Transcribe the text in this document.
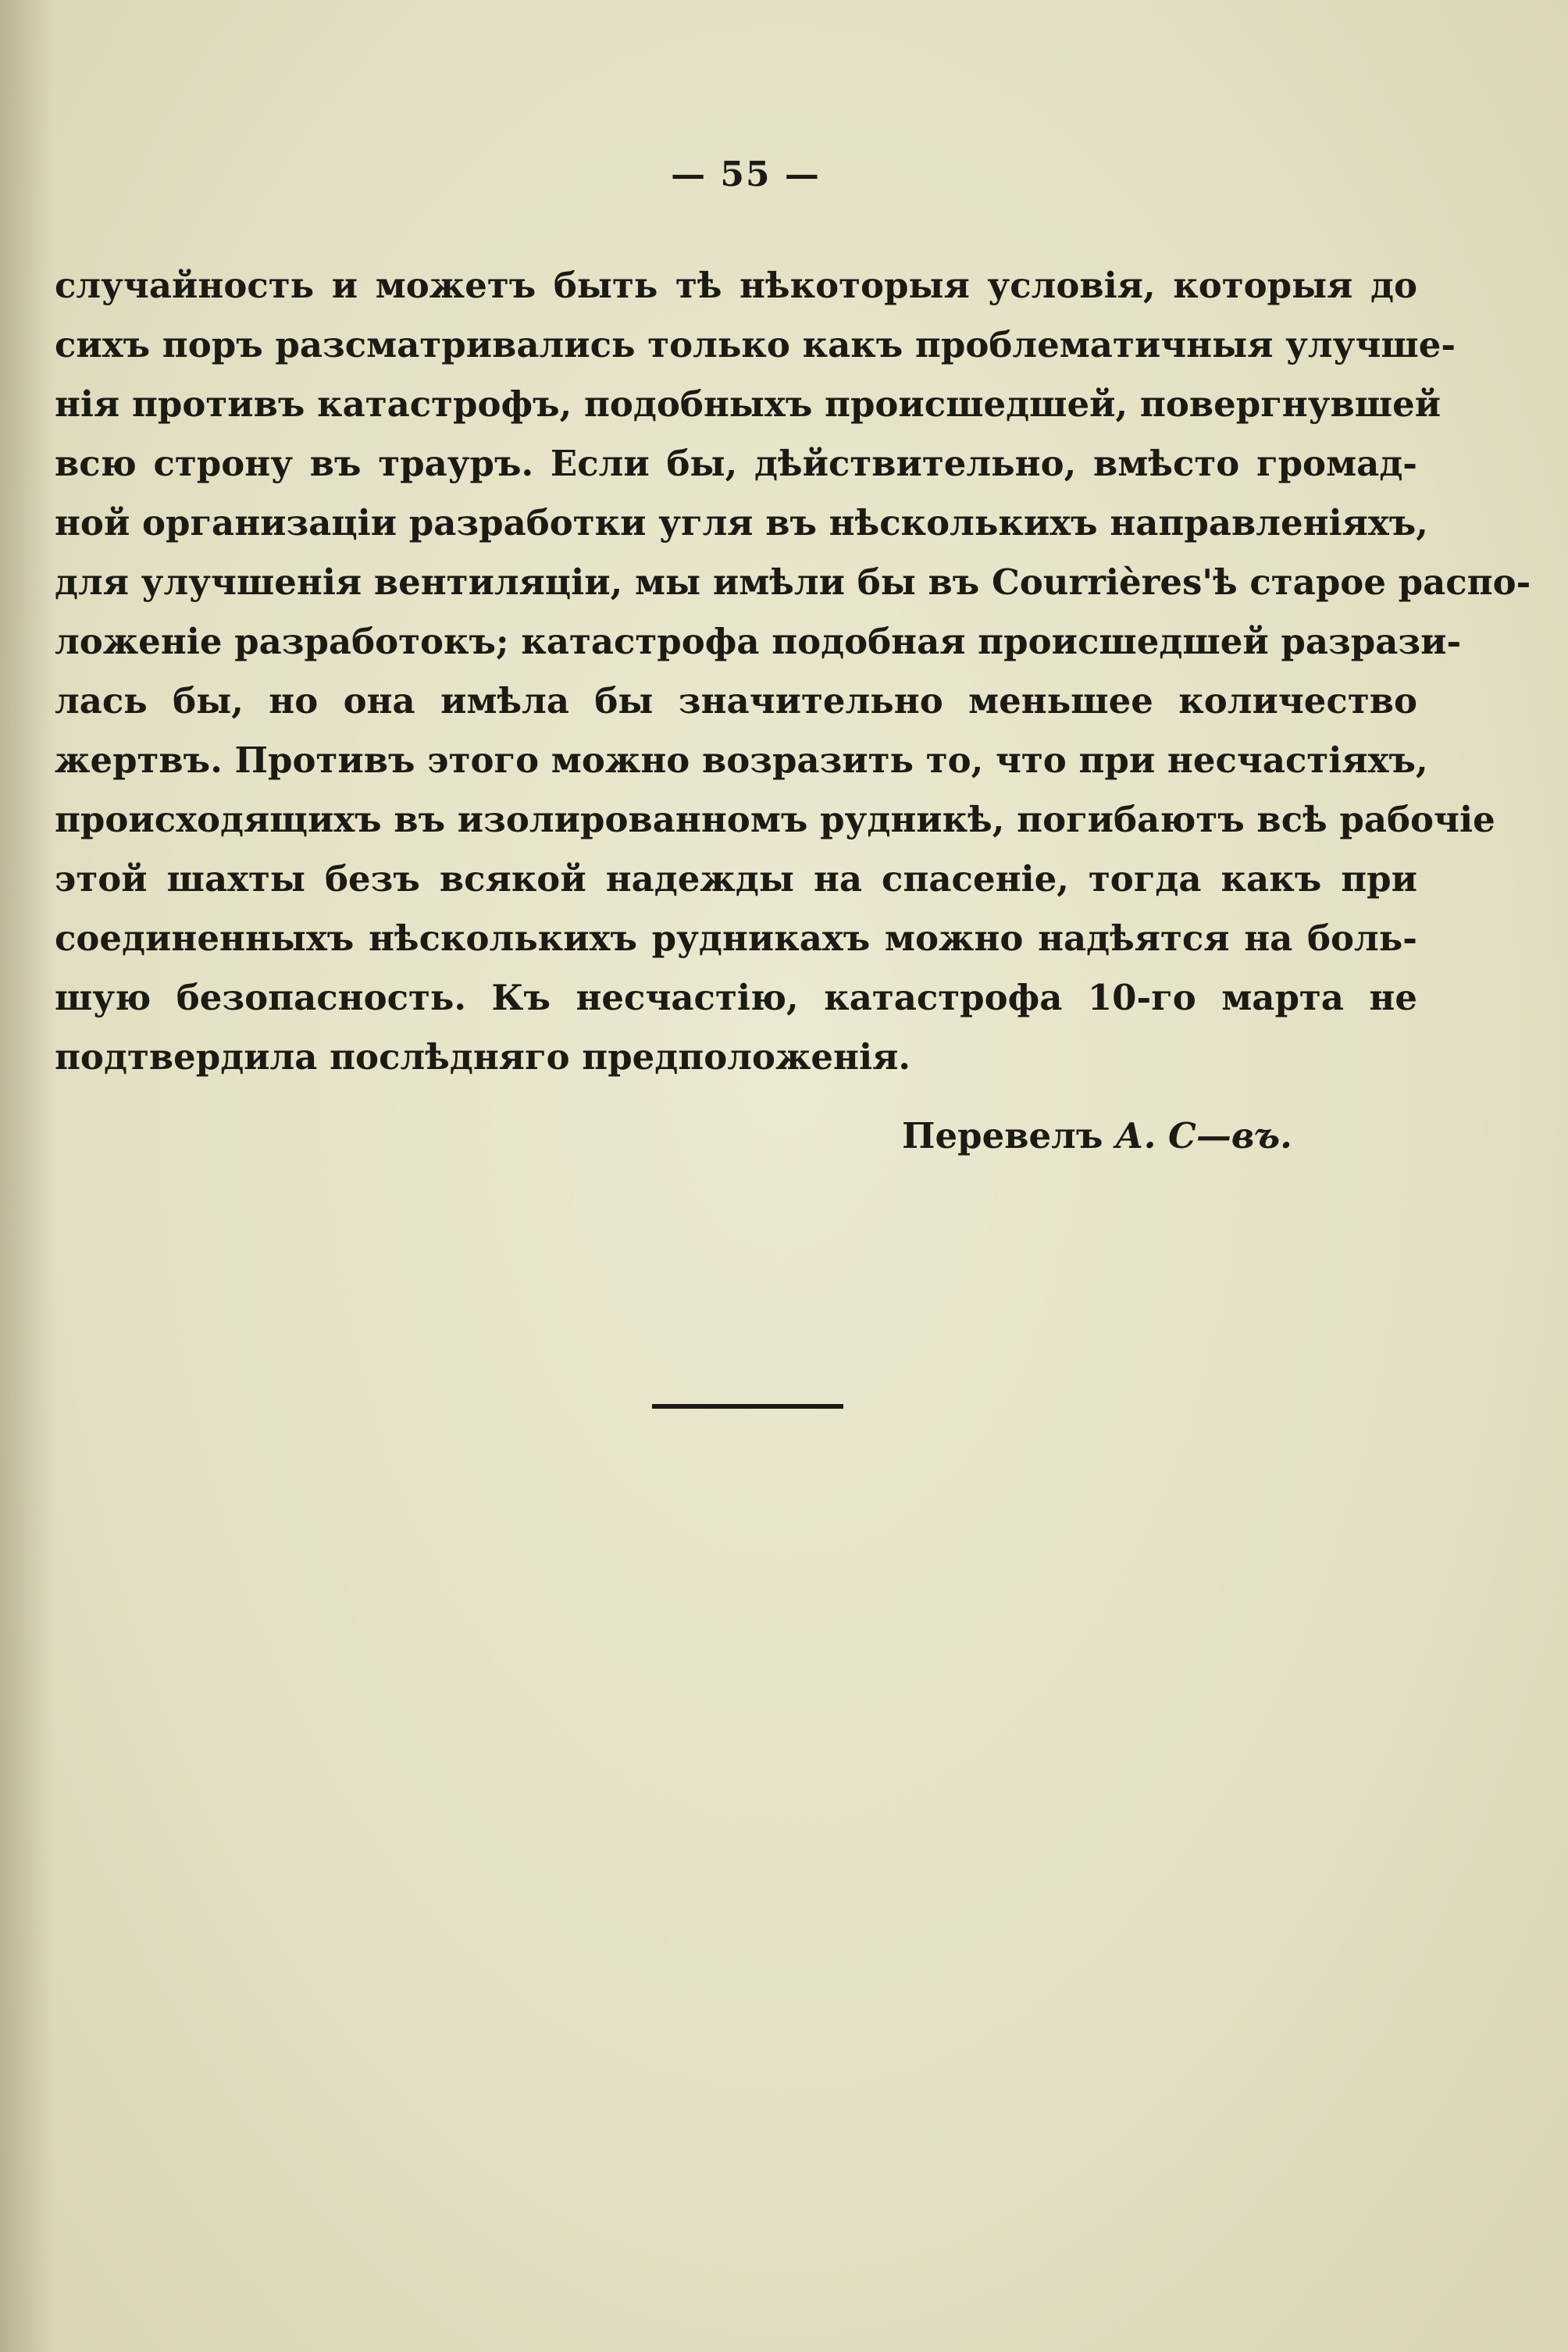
— 55 —
случайность и можетъ быть тѣ нѣкоторыя условія, которыя до
сихъ поръ разсматривались только какъ проблематичныя улучше-
нія противъ катастрофъ, подобныхъ происшедшей, повергнувшей
всю строну въ трауръ. Если бы, дѣйствительно, вмѣсто громад-
ной организаціи разработки угля въ нѣсколькихъ направленіяхъ,
для улучшенія вентиляціи, мы имѣли бы въ Courrières'ѣ старое распо-
ложеніе разработокъ; катастрофа подобная происшедшей разрази-
лась бы, но она имѣла бы значительно меньшее количество
жертвъ. Противъ этого можно возразить то, что при несчастіяхъ,
происходящихъ въ изолированномъ рудникѣ, погибаютъ всѣ рабочіе
этой шахты безъ всякой надежды на спасеніе, тогда какъ при
соединенныхъ нѣсколькихъ рудникахъ можно надѣятся на боль-
шую безопасность. Къ несчастію, катастрофа 10-го марта не
подтвердила послѣдняго предположенія.
Перевелъ А. С—въ.
